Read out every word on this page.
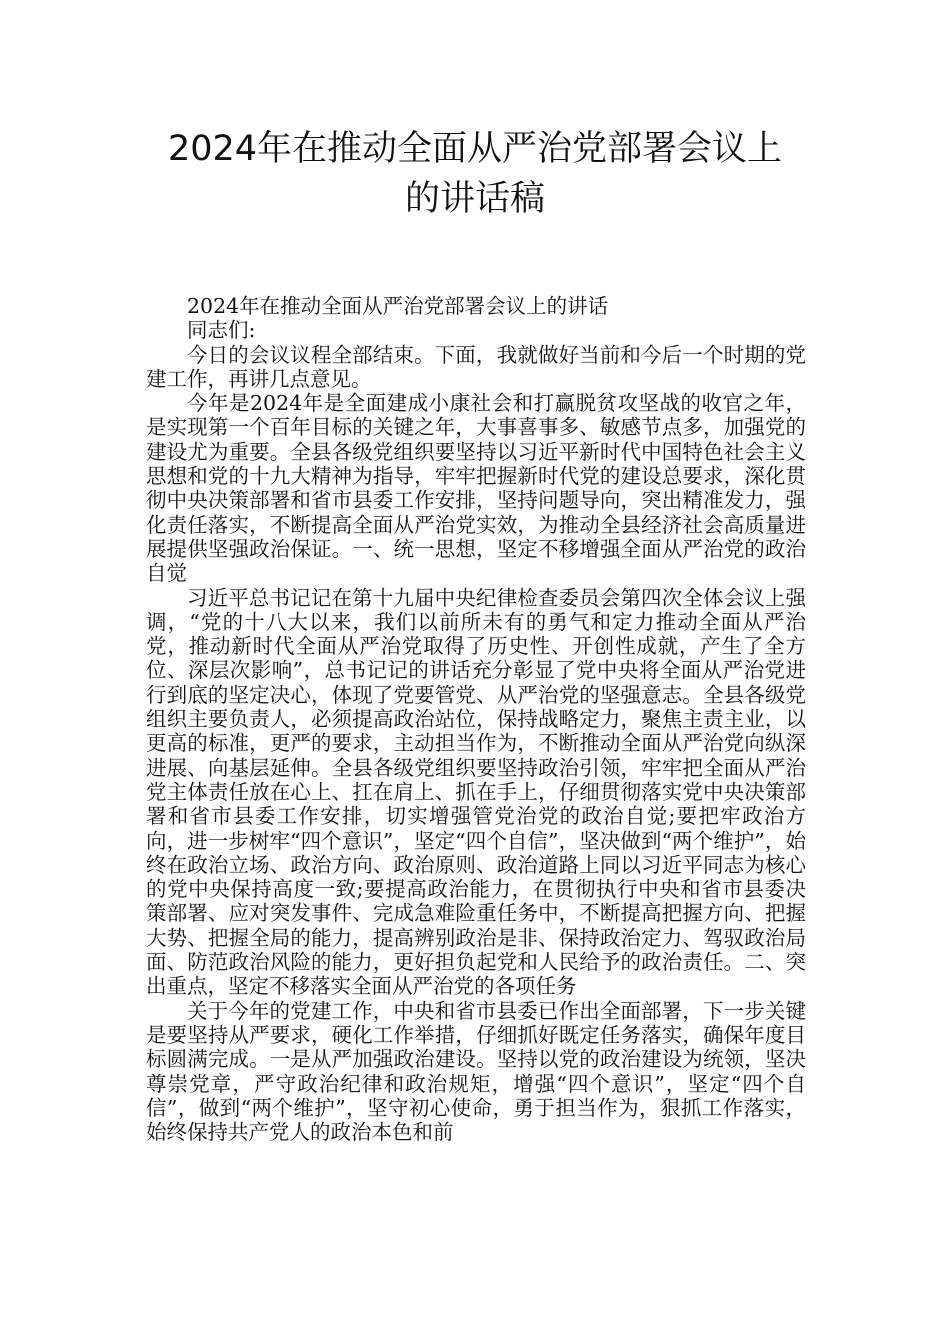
2024年在推动全面从严治党部署会议上
的讲话稿

2024年在推动全面从严治党部署会议上的讲话

同志们:

今日的会议议程全部结束。下面，我就做好当前和今后一个时期的党建工作，再讲几点意见。

今年是2024年是全面建成小康社会和打赢脱贫攻坚战的收官之年，是实现第一个百年目标的关键之年，大事喜事多、敏感节点多，加强党的建设尤为重要。全县各级党组织要坚持以习近平新时代中国特色社会主义思想和党的十九大精神为指导，牢牢把握新时代党的建设总要求，深化贯彻中央决策部署和省市县委工作安排，坚持问题导向，突出精准发力，强化责任落实，不断提高全面从严治党实效，为推动全县经济社会高质量进展提供坚强政治保证。一、统一思想，坚定不移增强全面从严治党的政治自觉

习近平总书记记在第十九届中央纪律检查委员会第四次全体会议上强调，“党的十八大以来，我们以前所未有的勇气和定力推动全面从严治党，推动新时代全面从严治党取得了历史性、开创性成就，产生了全方位、深层次影响”，总书记记的讲话充分彰显了党中央将全面从严治党进行到底的坚定决心，体现了党要管党、从严治党的坚强意志。全县各级党组织主要负责人，必须提高政治站位，保持战略定力，聚焦主责主业，以更高的标准，更严的要求，主动担当作为，不断推动全面从严治党向纵深进展、向基层延伸。全县各级党组织要坚持政治引领，牢牢把全面从严治党主体责任放在心上、扛在肩上、抓在手上，仔细贯彻落实党中央决策部署和省市县委工作安排，切实增强管党治党的政治自觉;要把牢政治方向，进一步树牢“四个意识”，坚定“四个自信”，坚决做到“两个维护”，始终在政治立场、政治方向、政治原则、政治道路上同以习近平同志为核心的党中央保持高度一致;要提高政治能力，在贯彻执行中央和省市县委决策部署、应对突发事件、完成急难险重任务中，不断提高把握方向、把握大势、把握全局的能力，提高辨别政治是非、保持政治定力、驾驭政治局面、防范政治风险的能力，更好担负起党和人民给予的政治责任。二、突出重点，坚定不移落实全面从严治党的各项任务

关于今年的党建工作，中央和省市县委已作出全面部署，下一步关键是要坚持从严要求，硬化工作举措，仔细抓好既定任务落实，确保年度目标圆满完成。一是从严加强政治建设。坚持以党的政治建设为统领，坚决尊崇党章，严守政治纪律和政治规矩，增强“四个意识”，坚定“四个自信”，做到“两个维护”，坚守初心使命，勇于担当作为，狠抓工作落实，始终保持共产党人的政治本色和前
